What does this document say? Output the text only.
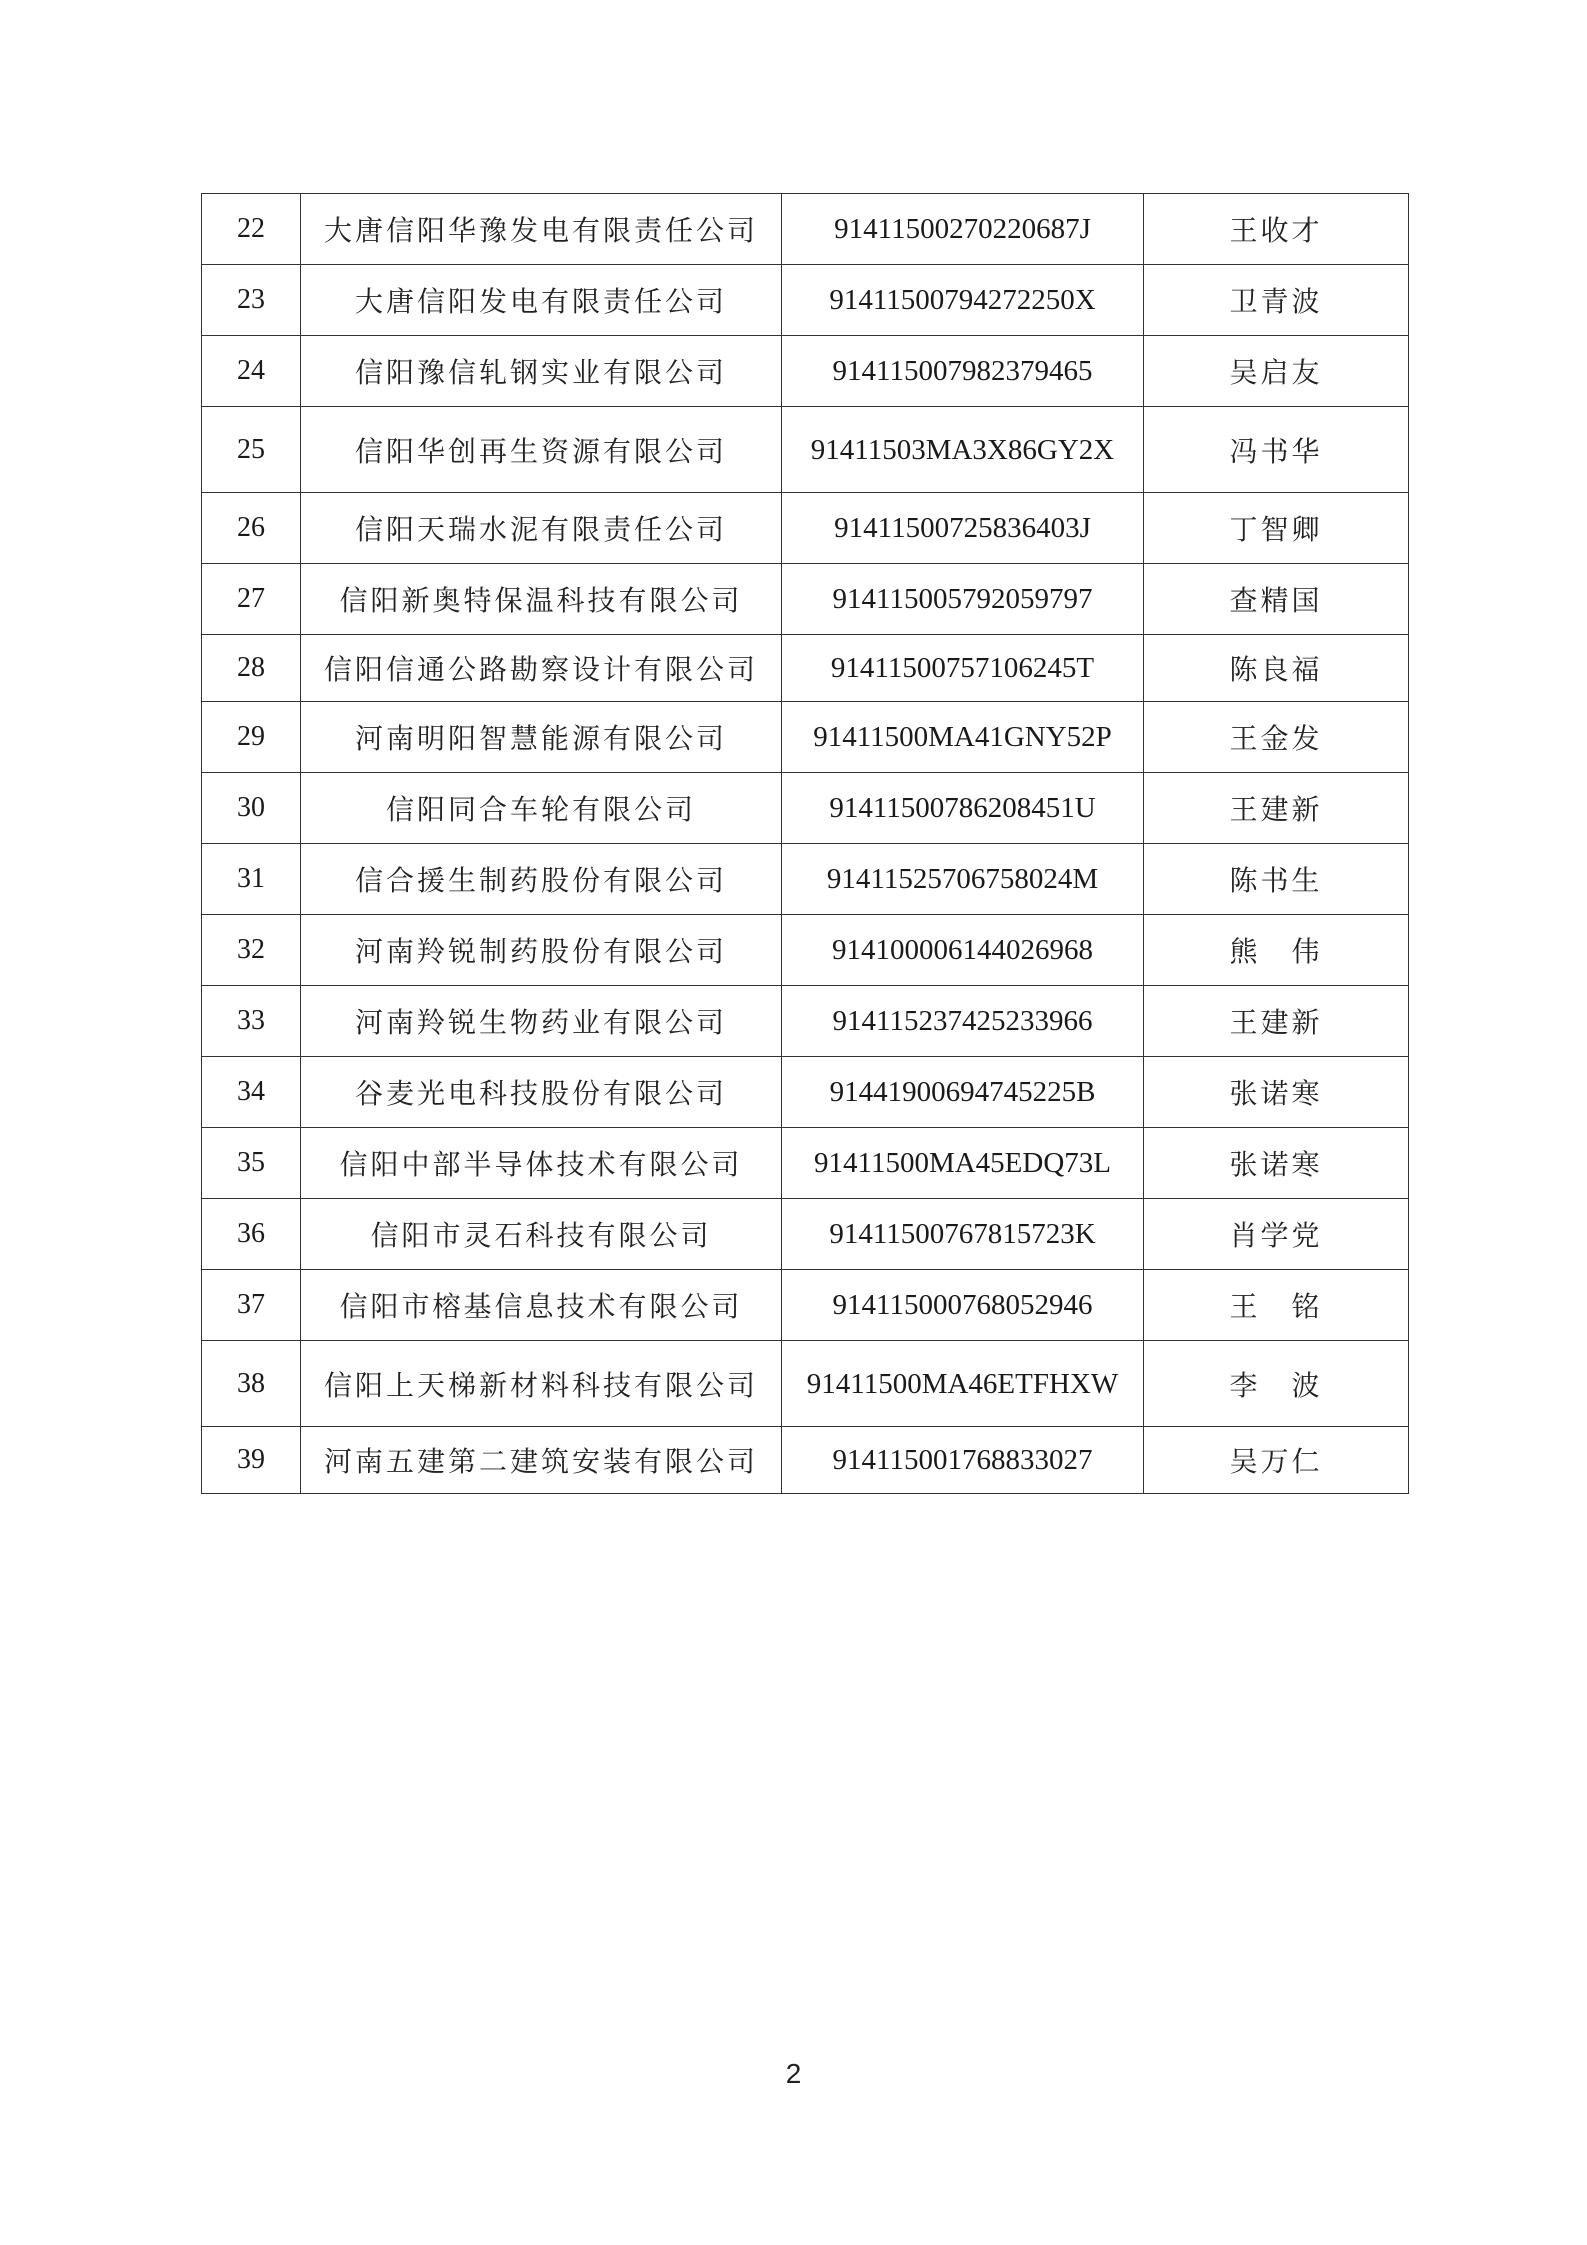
22	大唐信阳华豫发电有限责任公司	91411500270220687J	王收才
23	大唐信阳发电有限责任公司	91411500794272250X	卫青波
24	信阳豫信轧钢实业有限公司	914115007982379465	吴启友
25	信阳华创再生资源有限公司	91411503MA3X86GY2X	冯书华
26	信阳天瑞水泥有限责任公司	91411500725836403J	丁智卿
27	信阳新奥特保温科技有限公司	914115005792059797	查精国
28	信阳信通公路勘察设计有限公司	91411500757106245T	陈良福
29	河南明阳智慧能源有限公司	91411500MA41GNY52P	王金发
30	信阳同合车轮有限公司	91411500786208451U	王建新
31	信合援生制药股份有限公司	91411525706758024M	陈书生
32	河南羚锐制药股份有限公司	914100006144026968	熊　伟
33	河南羚锐生物药业有限公司	914115237425233966	王建新
34	谷麦光电科技股份有限公司	91441900694745225B	张诺寒
35	信阳中部半导体技术有限公司	91411500MA45EDQ73L	张诺寒
36	信阳市灵石科技有限公司	91411500767815723K	肖学党
37	信阳市榕基信息技术有限公司	914115000768052946	王　铭
38	信阳上天梯新材料科技有限公司	91411500MA46ETFHXW	李　波
39	河南五建第二建筑安装有限公司	914115001768833027	吴万仁
2
